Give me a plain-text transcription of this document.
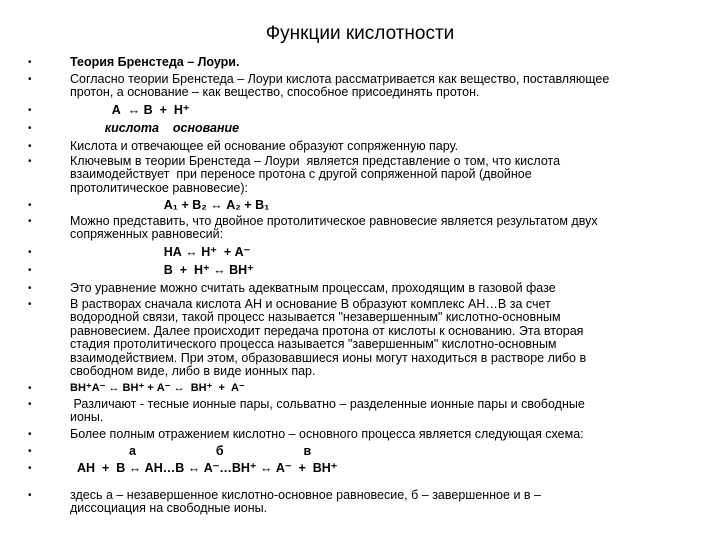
Функции кислотности
•	Теория Бренстеда – Лоури.
•	Согласно теории Бренстеда – Лоури кислота рассматривается как вещество, поставляющее
протон, а основание – как вещество, способное присоединять протон.
•	А  ↔ В  +  Н⁺
•	кислота    основание
•	Кислота и отвечающее ей основание образуют сопряженную пару.
•	Ключевым в теории Бренстеда – Лоури  является представление о том, что кислота
взаимодействует  при переносе протона с другой сопряженной парой (двойное
протолитическое равновесие):
•	А₁ + В₂ ↔ А₂ + В₁
•	Можно представить, что двойное протолитическое равновесие является результатом двух
сопряженных равновесий:
•	НА ↔ Н⁺  + А⁻
•	В  +  Н⁺ ↔ ВН⁺
•	Это уравнение можно считать адекватным процессам, проходящим в газовой фазе
•	В растворах сначала кислота АН и основание В образуют комплекс АН…В за счет
водородной связи, такой процесс называется "незавершенным" кислотно-основным
равновесием. Далее происходит передача протона от кислоты к основанию. Эта вторая
стадия протолитического процесса называется "завершенным" кислотно-основным
взаимодействием. При этом, образовавшиеся ионы могут находиться в растворе либо в
свободном виде, либо в виде ионных пар.
•	ВН⁺А⁻ ↔ ВН⁺ + А⁻ ↔  ВН⁺  +  А⁻
•	Различают - тесные ионные пары, сольватно – разделенные ионные пары и свободные
ионы.
•	Более полным отражением кислотно – основного процесса является следующая схема:
•	а                       б                       в
•	АН  +  В ↔ АН…В ↔ А⁻…ВН⁺ ↔ А⁻  +  ВН⁺
•	здесь а – незавершенное кислотно-основное равновесие, б – завершенное и в –
диссоциация на свободные ионы.
